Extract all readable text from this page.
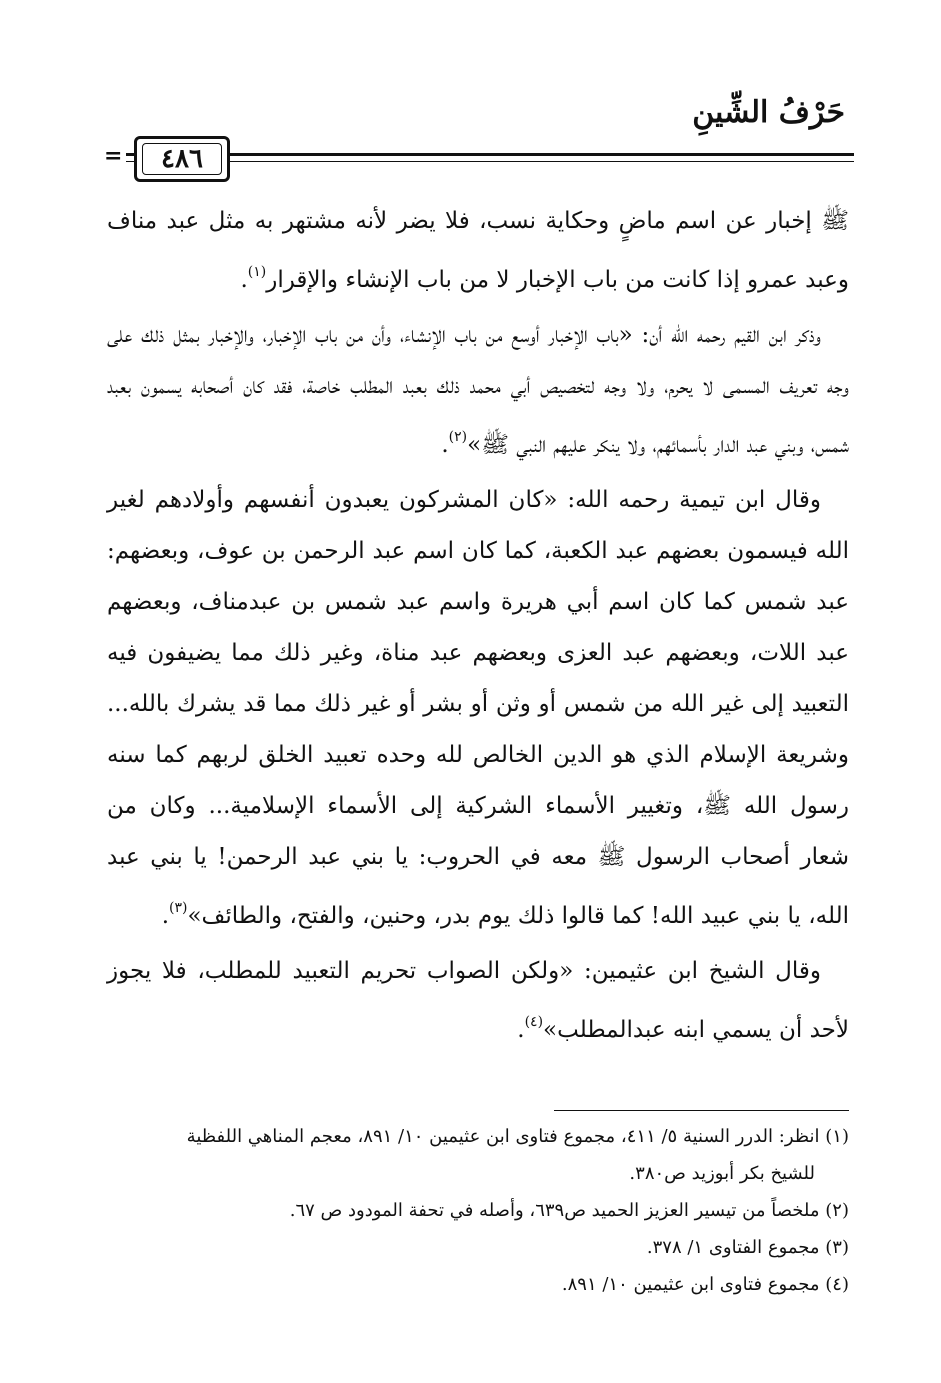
حَرْفُ الشِّينِ
=	٤٨٦

ﷺ إخبار عن اسم ماضٍ وحكاية نسب، فلا يضر لأنه مشتهر به مثل عبد مناف وعبد عمرو إذا كانت من باب الإخبار لا من باب الإنشاء والإقرار$^{(١)}$.

وذكر ابن القيم رحمه الله أن: «باب الإخبار أوسع من باب الإنشاء، وأن من باب الإخبار، والإخبار بمثل ذلك على وجه تعريف المسمى لا يحرم، ولا وجه لتخصيص أبي محمد ذلك بعبد المطلب خاصة، فقد كان أصحابه يسمون بعبد شمس، وبني عبد الدار بأسمائهم، ولا ينكر عليهم النبي ﷺ»$^{(٢)}$.

وقال ابن تيمية رحمه الله: «كان المشركون يعبدون أنفسهم وأولادهم لغير الله فيسمون بعضهم عبد الكعبة، كما كان اسم عبد الرحمن بن عوف، وبعضهم: عبد شمس كما كان اسم أبي هريرة واسم عبد شمس بن عبدمناف، وبعضهم عبد اللات، وبعضهم عبد العزى وبعضهم عبد مناة، وغير ذلك مما يضيفون فيه التعبيد إلى غير الله من شمس أو وثن أو بشر أو غير ذلك مما قد يشرك بالله... وشريعة الإسلام الذي هو الدين الخالص لله وحده تعبيد الخلق لربهم كما سنه رسول الله ﷺ، وتغيير الأسماء الشركية إلى الأسماء الإسلامية... وكان من شعار أصحاب الرسول ﷺ معه في الحروب: يا بني عبد الرحمن! يا بني عبد الله، يا بني عبيد الله! كما قالوا ذلك يوم بدر، وحنين، والفتح، والطائف»$^{(٣)}$.

وقال الشيخ ابن عثيمين: «ولكن الصواب تحريم التعبيد للمطلب، فلا يجوز لأحد أن يسمي ابنه عبدالمطلب»$^{(٤)}$.

(١) انظر: الدرر السنية ٥/ ٤١١، مجموع فتاوى ابن عثيمين ١٠/ ٨٩١، معجم المناهي اللفظية
للشيخ بكر أبوزيد ص٣٨٠.

(٢) ملخصاً من تيسير العزيز الحميد ص٦٣٩، وأصله في تحفة المودود ص ٦٧.

(٣) مجموع الفتاوى ١/ ٣٧٨.

(٤) مجموع فتاوى ابن عثيمين ١٠/ ٨٩١.
